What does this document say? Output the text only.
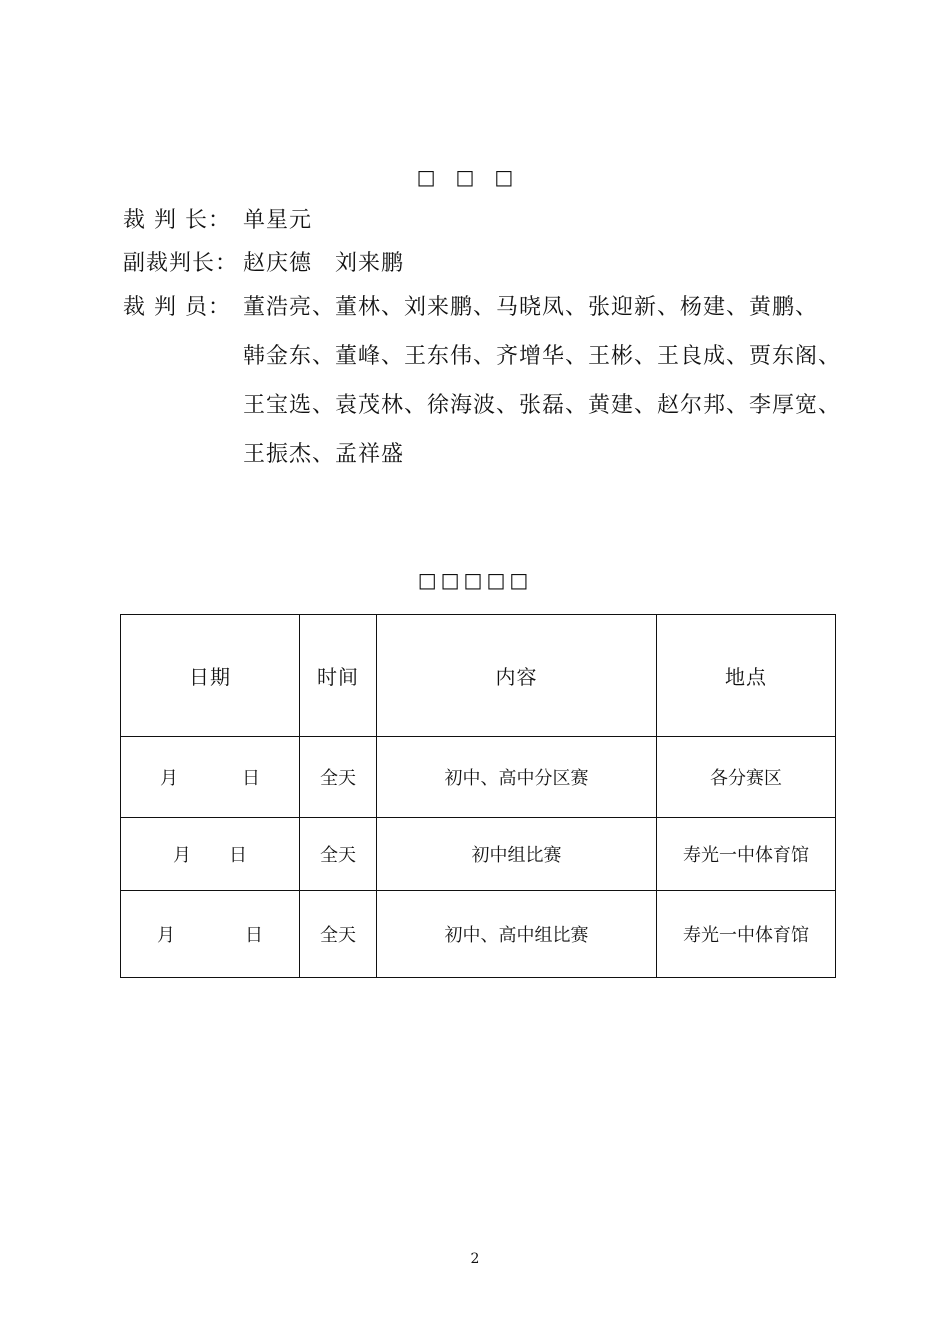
□□□
裁 判 长： 单星元
副裁判长： 赵庆德　刘来鹏
裁 判 员： 董浩亮、董林、刘来鹏、马晓凤、张迎新、杨建、黄鹏、
韩金东、董峰、王东伟、齐增华、王彬、王良成、贾东阁、
王宝选、袁茂林、徐海波、张磊、黄建、赵尔邦、李厚宽、
王振杰、孟祥盛
□□□□□
日期	时间	内容	地点
月 日	全天	初中、高中分区赛	各分赛区
月 日	全天	初中组比赛	寿光一中体育馆
月 日	全天	初中、高中组比赛	寿光一中体育馆
2
